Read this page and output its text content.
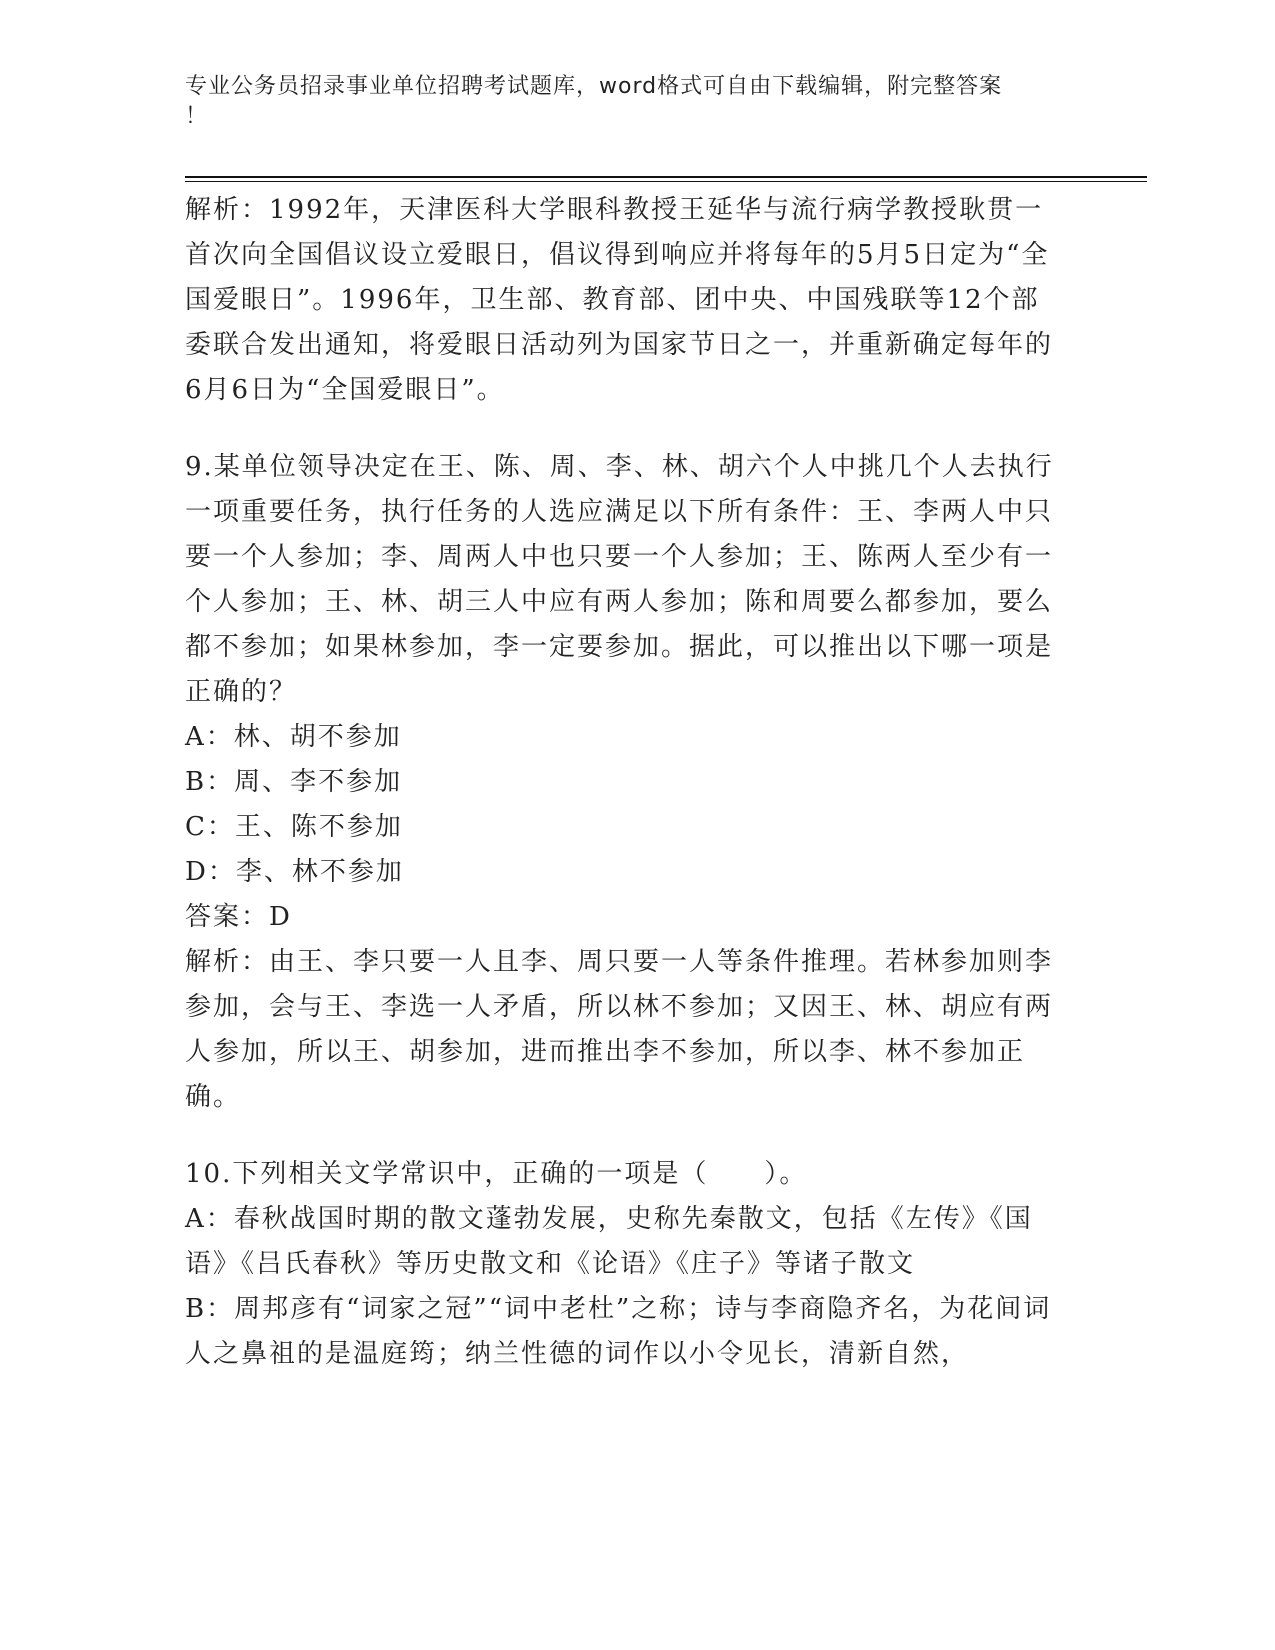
专业公务员招录事业单位招聘考试题库，word格式可自由下载编辑，附完整答案
！

解析：1992年，天津医科大学眼科教授王延华与流行病学教授耿贯一首次向全国倡议设立爱眼日，倡议得到响应并将每年的5月5日定为“全国爱眼日”。1996年，卫生部、教育部、团中央、中国残联等12个部委联合发出通知，将爱眼日活动列为国家节日之一，并重新确定每年的6月6日为“全国爱眼日”。

9.某单位领导决定在王、陈、周、李、林、胡六个人中挑几个人去执行一项重要任务，执行任务的人选应满足以下所有条件：王、李两人中只要一个人参加；李、周两人中也只要一个人参加；王、陈两人至少有一个人参加；王、林、胡三人中应有两人参加；陈和周要么都参加，要么都不参加；如果林参加，李一定要参加。据此，可以推出以下哪一项是正确的？

A：林、胡不参加

B：周、李不参加

C：王、陈不参加

D：李、林不参加

答案：D

解析：由王、李只要一人且李、周只要一人等条件推理。若林参加则李参加，会与王、李选一人矛盾，所以林不参加；又因王、林、胡应有两人参加，所以王、胡参加，进而推出李不参加，所以李、林不参加正确。

10.下列相关文学常识中，正确的一项是（　　）。

A：春秋战国时期的散文蓬勃发展，史称先秦散文，包括《左传》《国语》《吕氏春秋》等历史散文和《论语》《庄子》等诸子散文

B：周邦彦有“词家之冠”“词中老杜”之称；诗与李商隐齐名，为花间词人之鼻祖的是温庭筠；纳兰性德的词作以小令见长，清新自然，
